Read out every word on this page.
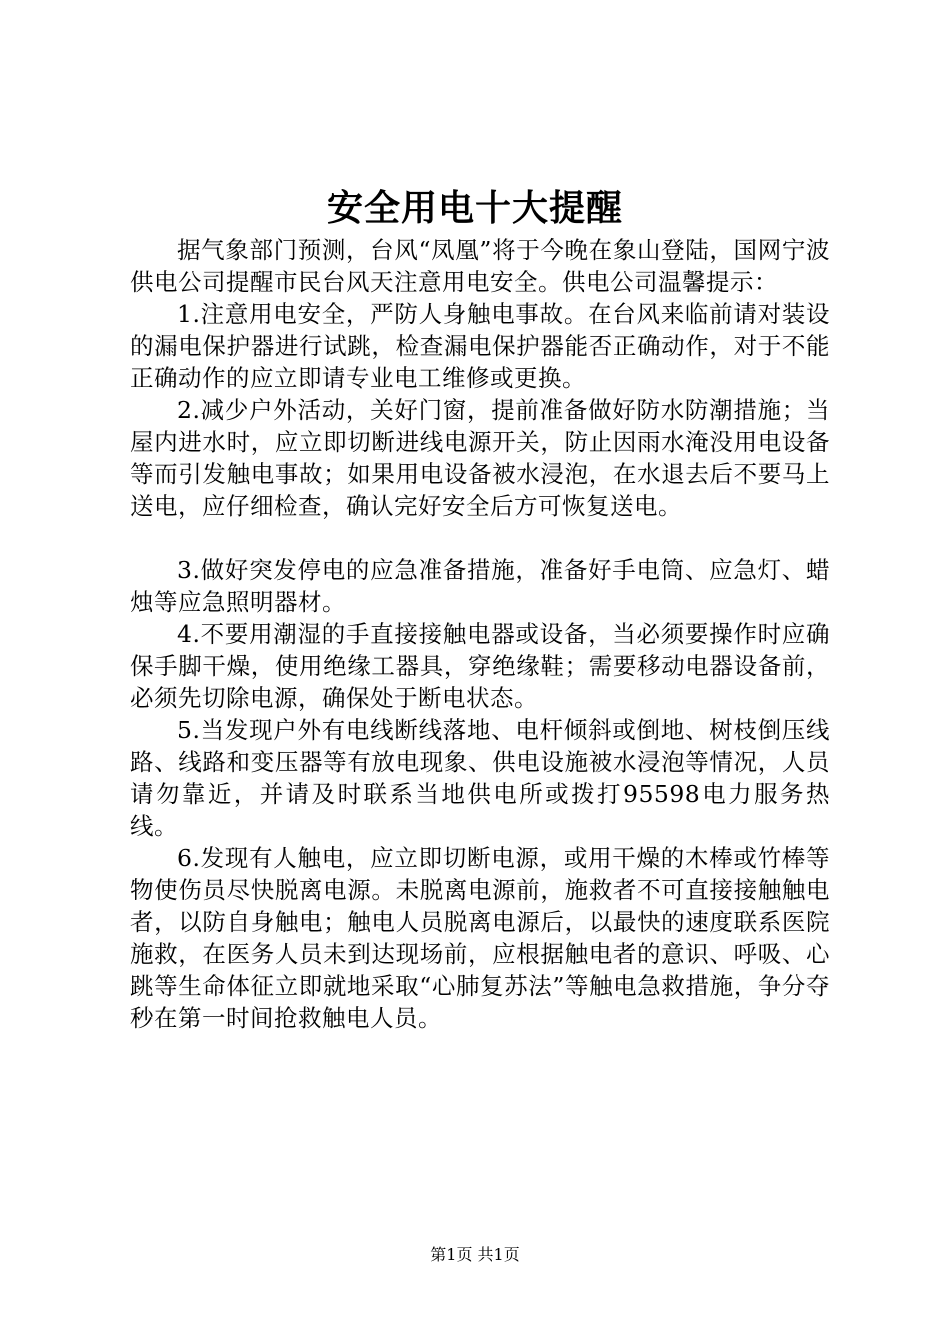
安全用电十大提醒

据气象部门预测，台风“凤凰”将于今晚在象山登陆，国网宁波供电公司提醒市民台风天注意用电安全。供电公司温馨提示：

1.注意用电安全，严防人身触电事故。在台风来临前请对装设的漏电保护器进行试跳，检查漏电保护器能否正确动作，对于不能正确动作的应立即请专业电工维修或更换。

2.减少户外活动，关好门窗，提前准备做好防水防潮措施；当屋内进水时，应立即切断进线电源开关，防止因雨水淹没用电设备等而引发触电事故；如果用电设备被水浸泡，在水退去后不要马上送电，应仔细检查，确认完好安全后方可恢复送电。

3.做好突发停电的应急准备措施，准备好手电筒、应急灯、蜡烛等应急照明器材。

4.不要用潮湿的手直接接触电器或设备，当必须要操作时应确保手脚干燥，使用绝缘工器具，穿绝缘鞋；需要移动电器设备前，必须先切除电源，确保处于断电状态。

5.当发现户外有电线断线落地、电杆倾斜或倒地、树枝倒压线路、线路和变压器等有放电现象、供电设施被水浸泡等情况，人员请勿靠近，并请及时联系当地供电所或拨打95598电力服务热线。

6.发现有人触电，应立即切断电源，或用干燥的木棒或竹棒等物使伤员尽快脱离电源。未脱离电源前，施救者不可直接接触触电者，以防自身触电；触电人员脱离电源后，以最快的速度联系医院施救，在医务人员未到达现场前，应根据触电者的意识、呼吸、心跳等生命体征立即就地采取“心肺复苏法”等触电急救措施，争分夺秒在第一时间抢救触电人员。

第1页 共1页
